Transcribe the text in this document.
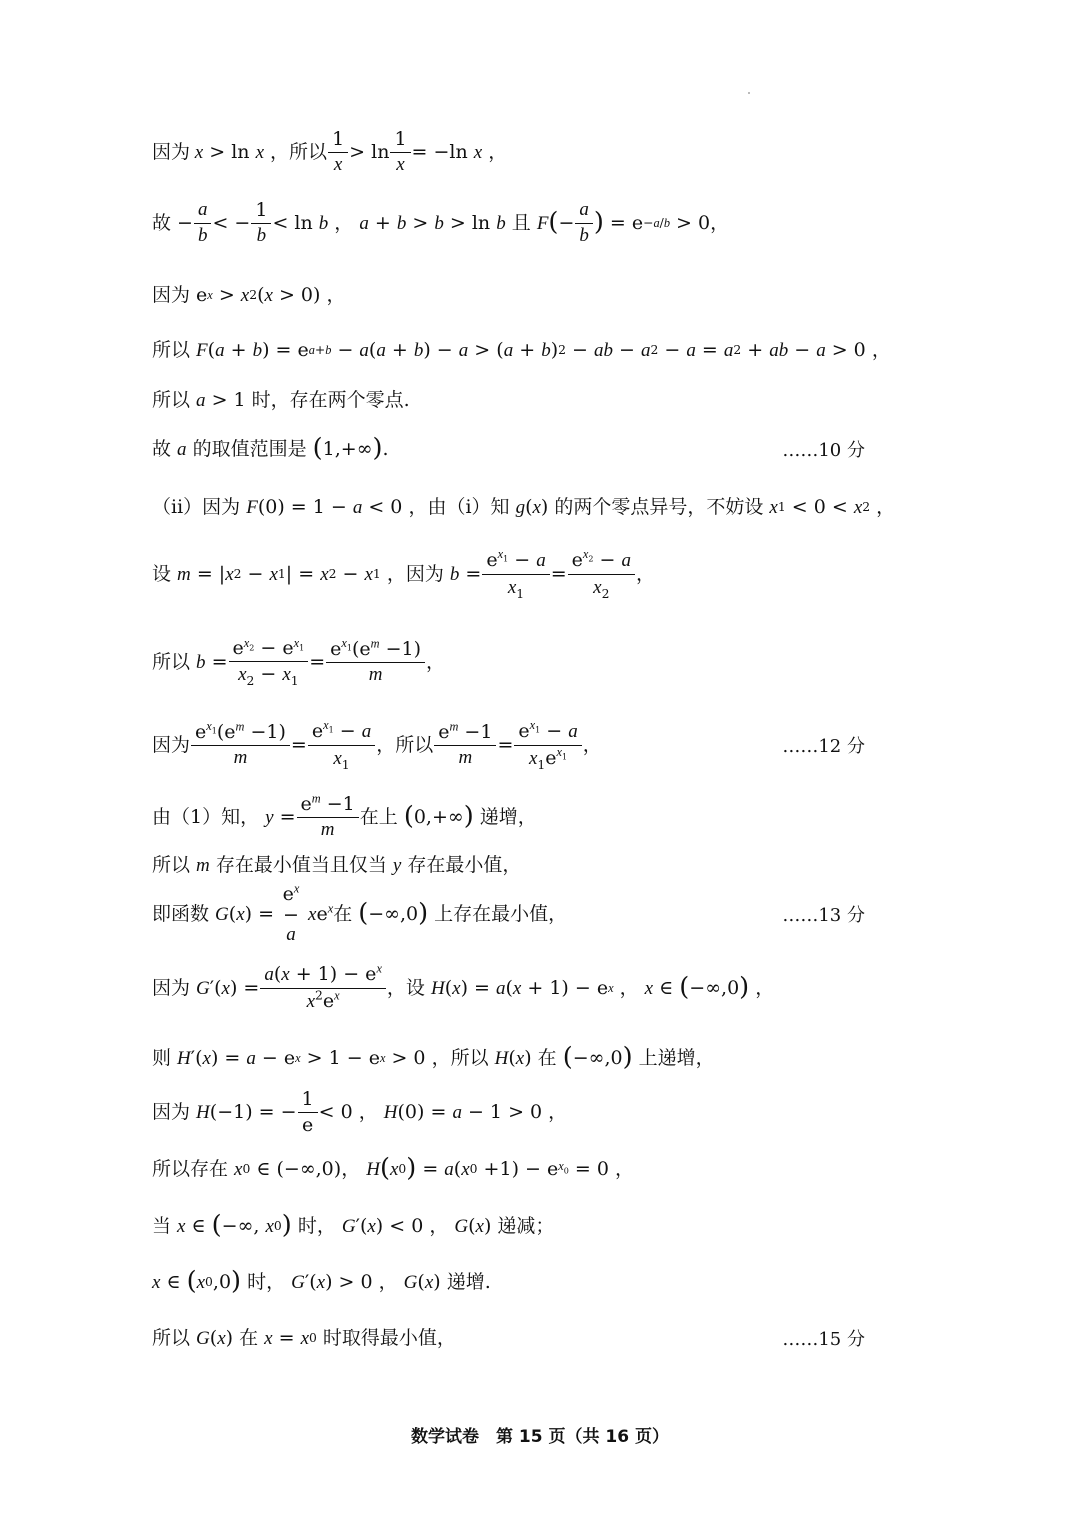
因为 x > ln
x ，所以 $\frac{1}{x} > \ln \frac{1}{x} = -\ln$ x ，
故 − $\frac{a}{b}$ < − $\frac{1}{b} < \ln b$ ， a + b > b > ln b 且 F ( − $\frac{a}{b}$ ) = e −a/b > 0，
因为 e x > x 2 ( x > 0) ，
所以 F ( a + b ) = e a+b − a ( a + b ) − a > ( a + b ) 2 − ab − a 2 − a = a 2 + ab − a > 0 ，
所以 a > 1 时，存在两个零点.
故 a 的取值范围是 ( 1,+∞ ) .	……10 分
（ⅱ）因为 F (0) = 1 − a < 0 ，由（ⅰ）知 g ( x ) 的两个零点异号，不妨设 x 1 < 0 < x 2 ，
设 m = | x 2 − x 1 | = x 2 − x 1 ，因为 $b = \frac{e^{x_1} - a}{x_1} = \frac{e^{x_2} - a}{x_2}$ ，
所以 $b = \frac{e^{x_2} - e^{x_1}}{x_2 - x_1} = \frac{e^{x_1}(e^m -1)}{m}$ ，
因为 $\frac{e^{x_1}(e^m -1)}{m} = \frac{e^{x_1} - a}{x_1}$ ，所以 $\frac{e^m -1}{m} = \frac{e^{x_1} - a}{x_1e^{x_1}}$ ，	……12 分
由（1）知， $y = \frac{e^m -1}{m}$ 在上 ( 0,+∞ ) 递增，
所以 m 存在最小值当且仅当 y 存在最小值，
即函数 G ( x ) =
$e^x$
−
a
$xe^x$ 在 ( −∞,0 ) 上存在最小值，	……13 分
因为 G ′( x ) = $\frac{a(x + 1) - e^x}{x^2e^x}$ ，设 H ( x ) = a ( x + 1) − e x ， x ∈ ( −∞,0 ) ，
则 H ′( x ) = a − e x > 1 − e x > 0 ，所以 H ( x ) 在 ( −∞,0 ) 上递增，
因为 H (−1) = − $\frac{1}{e} < 0$ ， H (0) = a − 1 > 0 ，
所以存在 x 0 ∈ (−∞,0)， H ( x 0 ) = a ( x 0 +1) − e $x_0 = 0$ ，
当 x ∈ ( −∞, x 0 ) 时， G ′( x ) < 0 ， G ( x ) 递减；
x ∈ ( x 0 ,0 ) 时， G ′( x ) > 0 ， G ( x ) 递增.
所以 G ( x ) 在 x = x 0 时取得最小值，	……15 分
数学试卷　第 15 页（共 16 页）
